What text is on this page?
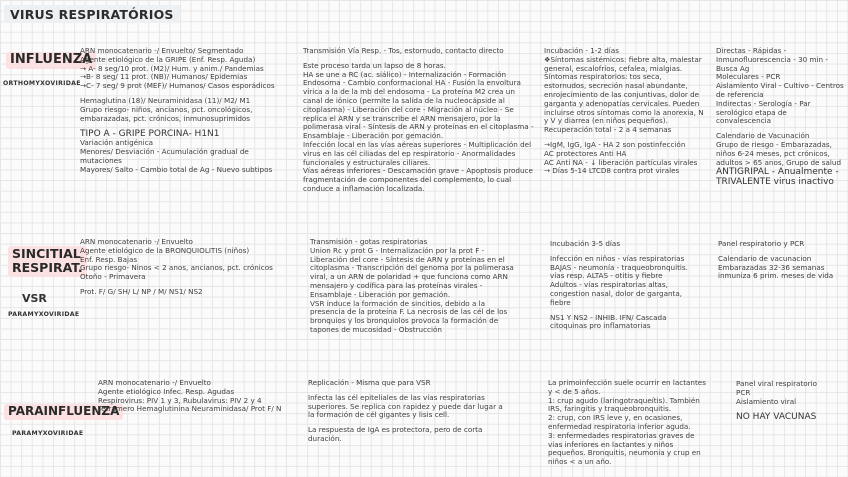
VIRUS RESPIRATÓRIOS
INFLUENZA
ORTHOMYXOVIRIDAE
ARN monocatenario -/ Envuelto/ Segmentado
Agente etiológico de la GRIPE (Enf. Resp. Aguda)
→ A- 8 seg/10 prot. (M2)/ Hum. y anim./ Pandemias
→B- 8 seg/ 11 prot. (NB)/ Humanos/ Epidemias
→C- 7 seg/ 9 prot (MEF)/ Humanos/ Casos esporádicos
Hemaglutina (18)/ Neuraminidasa (11)/ M2/ M1
Grupo riesgo- niños, ancianos, pct. oncológicos, embarazadas, pct. crónicos, inmunosuprimidos
TIPO A - GRIPE PORCINA- H1N1
Variación antigénica
Menores/ Desviación - Acumulación gradual de mutaciones
Mayores/ Salto - Cambio total de Ag - Nuevo subtipos
Transmisión Vía Resp. - Tos, estornudo, contacto directo
Este proceso tarda un lapso de 8 horas.
HA se une a RC (ac. siálico) - Internalización - Formación Endosoma - Cambio conformacional HA - Fusión la envoltura vírica a la de la mb del endosoma - La proteína M2 crea un canal de iónico (permite la salida de la nucleocápside al citoplasma) - Liberación del core - Migración al núcleo - Se replica el ARN y se transcribe el ARN mensajero, por la polimerasa viral - Síntesis de ARN y proteínas en el citoplasma - Ensamblaje - Liberación por gemación.
Infección local en las vías aéreas superiores - Multiplicación del virus en las cél ciliadas del ep respiratorio - Anormalidades funcionales y estructurales ciliares.
Vías aéreas inferiores - Descamación grave - Apoptosis produce fragmentación de componentes del complemento, lo cual conduce a inflamación localizada.
Incubación - 1-2 días
❖Síntomas sistémicos: fiebre alta, malestar general, escalofríos, cefalea, mialgias.
Síntomas respiratorios: tos seca, estornudos, secreción nasal abundante, enrojecimiento de las conjuntivas, dolor de garganta y adenopatías cervicales. Pueden incluirse otros síntomas como la anorexia, N y V y diarrea (en niños pequeños).
Recuperación total - 2 a 4 semanas
→IgM, IgG, IgA - HA 2 son postinfección
AC protectores Anti HA
AC Anti NA - ↓ liberación partículas virales
→ Días 5-14 LTCD8 contra prot virales
Directas - Rápidas - Inmunofluorescencia - 30 min - Busca Ag
Moleculares - PCR
Aislamiento Viral - Cultivo - Centros de referencia
Indirectas - Serología - Par serológico etapa de convalescencia
Calendario de Vacunación
Grupo de riesgo - Embarazadas, niños 6-24 meses, pct crónicos, adultos > 65 anos, Grupo de salud
ANTIGRIPAL - Anualmente - TRIVALENTE virus inactivo
SINCITIAL
RESPIRAT.
VSR
PARAMYXOVIRIDAE
ARN monocatenario -/ Envuelto
Agente etiológico de la BRONQUIOLITIS (niños)
Enf. Resp. Bajas
Grupo riesgo- Ninos < 2 anos, ancianos, pct. crónicos
Otoño - Primavera
Prot. F/ G/ SH/ L/ NP / M/ NS1/ NS2
Transmisión - gotas respiratorias
Union Rc y prot G - Internalización por la prot F - Liberación del core - Síntesis de ARN y proteínas en el citoplasma - Transcripción del genoma por la polimerasa viral, a un ARN de polaridad + que funciona como ARN mensajero y codifica para las proteínas virales - Ensamblaje - Liberación por gemación.
VSR induce la formación de sincitios, debido a la presencia de la proteína F. La necrosis de las cél de los bronquios y los bronquiolos provoca la formación de tapones de mucosidad - Obstrucción
Incubación 3-5 días
Infección en niños - vías respiratorias BAJAS - neumonía - traqueobronquitis. vías resp. ALTAS - otitis y fiebre
Adultos - vías respiratorias altas, congestion nasal, dolor de garganta, fiebre
NS1 Y NS2 - INHIB. IFN/ Cascada citoquinas pro inflamatorias
Panel respiratorio y PCR
Calendario de vacunacion
Embarazadas 32-36 semanas inmuniza 6 prim. meses de vida
PARAINFLUENZA
PARAMYXOVIRIDAE
ARN monocatenario -/ Envuelto
Agente etiológico Infec. Resp. Agudas
Respirovirus: PIV 1 y 3, Rubulavirus: PIV 2 y 4
Tetramero Hemaglutinina Neuraminidasa/ Prot F/ N
Replicación - Misma que para VSR
Infecta las cél epiteliales de las vías respiratorias superiores. Se replica con rapidez y puede dar lugar a la formación de cél gigantes y lisis cell.
La respuesta de IgA es protectora, pero de corta duración.
La primoinfección suele ocurrir en lactantes y < de 5 años.
1: crup agudo (laringotraqueítis). También IRS, faringitis y traqueobronquitis.
2: crup, con IRS leve y, en ocasiones, enfermedad respiratoria inferior aguda.
3: enfermedades respiratorias graves de vías inferiores en lactantes y niños pequeños. Bronquitis, neumonía y crup en niños < a un año.
Panel viral respiratorio
PCR
Aislamiento viral
NO HAY VACUNAS
